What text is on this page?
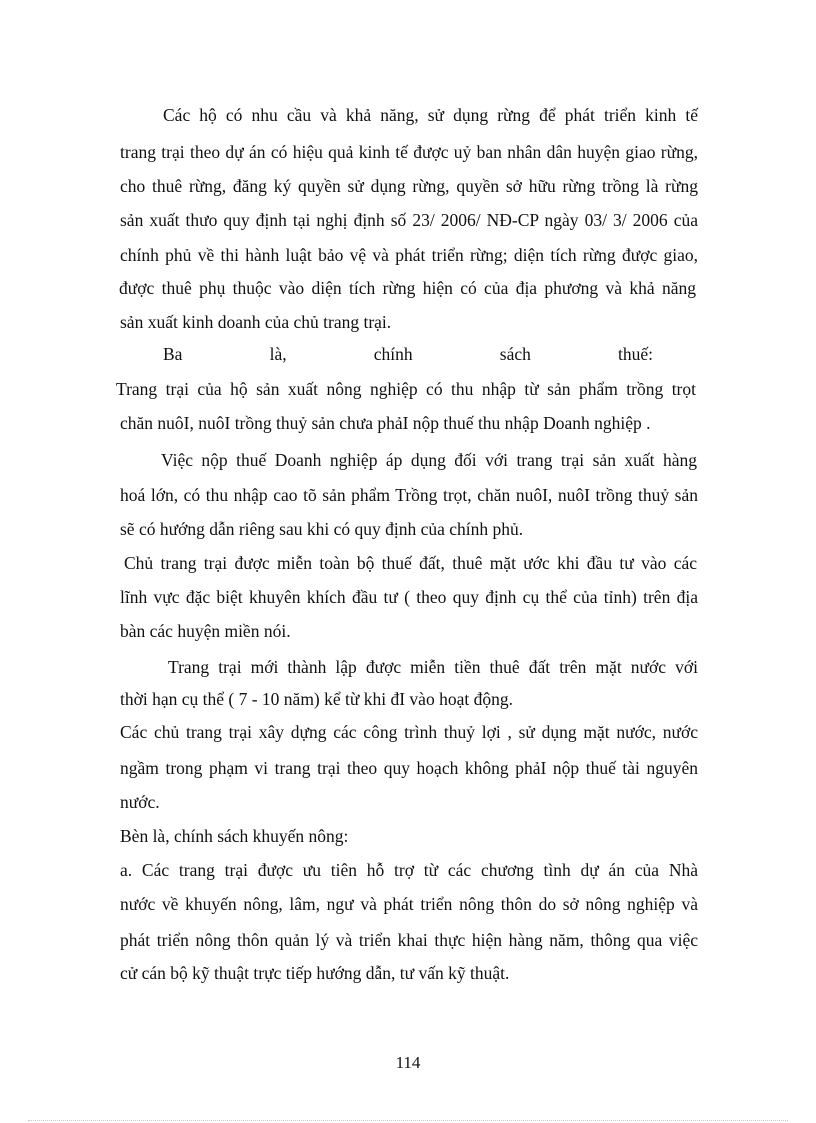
Các hộ có nhu cầu và khả năng, sử dụng rừng để phát triển kinh tế
trang trại theo dự án có hiệu quả kinh tế được uỷ ban nhân dân huyện giao rừng,
cho thuê rừng, đăng ký quyền sử dụng rừng, quyền sở hữu rừng trồng là rừng
sản xuất thưo quy định tại nghị định số 23/ 2006/ NĐ-CP ngày 03/ 3/ 2006 của
chính phủ về thi hành luật bảo vệ và phát triển rừng; diện tích rừng được giao,
được thuê phụ thuộc vào diện tích rừng hiện có của địa phương và khả năng
sản xuất kinh doanh của chủ trang trại.
Ba là, chính sách thuế:
Trang trại của hộ sản xuất nông nghiệp có thu nhập từ sản phẩm trồng trọt
chăn nuôI, nuôI trồng thuỷ sản chưa phảI nộp thuế thu nhập Doanh nghiệp .
Việc nộp thuế Doanh nghiệp áp dụng đối với trang trại sản xuất hàng
hoá lớn, có thu nhập cao tõ sản phẩm Trồng trọt, chăn nuôI, nuôI trồng thuỷ sản
sẽ có hướng dẫn riêng sau khi có quy định của chính phủ.
Chủ trang trại được miễn toàn bộ thuế đất, thuê mặt ước khi đầu tư vào các
lĩnh vực đặc biệt khuyên khích đầu tư ( theo quy định cụ thể của tỉnh) trên địa
bàn các huyện miền nói.
Trang trại mới thành lập được miễn tiền thuê đất trên mặt nước với
thời hạn cụ thể ( 7 - 10 năm) kể từ khi đI vào hoạt động.
Các chủ trang trại xây dựng các công trình thuỷ lợi , sử dụng mặt nước, nước
ngầm trong phạm vi trang trại theo quy hoạch không phảI nộp thuế tài nguyên
nước.
Bèn là, chính sách khuyến nông:
a. Các trang trại được ưu tiên hỗ trợ từ các chương tình dự án của Nhà
nước về khuyến nông, lâm, ngư và phát triển nông thôn do sở nông nghiệp và
phát triển nông thôn quản lý và triển khai thực hiện hàng năm, thông qua việc
cử cán bộ kỹ thuật trực tiếp hướng dẫn, tư vấn kỹ thuật.
114
